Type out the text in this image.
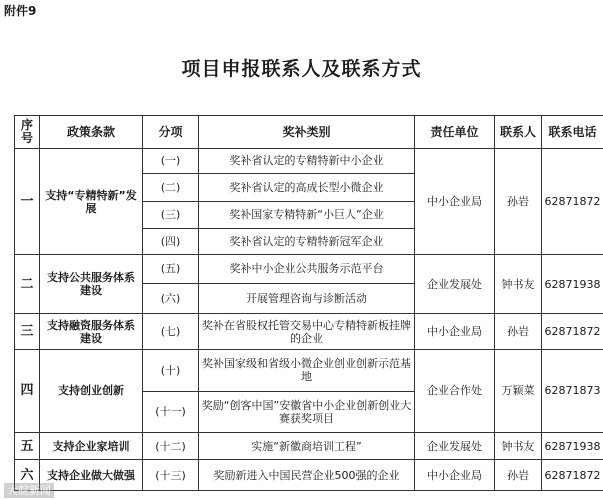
附件9
项目申报联系人及联系方式
序号	政策条款	分项	奖补类别	责任单位	联系人	联系电话
一	支持“专精特新”发展	(一)	奖补省认定的专精特新中小企业	中小企业局	孙岩	62871872
		(二)	奖补省认定的高成长型小微企业			
		(三)	奖补国家专精特新“小巨人”企业			
		(四)	奖补省认定的专精特新冠军企业			
二	支持公共服务体系建设	(五)	奖补中小企业公共服务示范平台	企业发展处	钟书友	62871938
		(六)	开展管理咨询与诊断活动			
三	支持融资服务体系建设	(七)	奖补在省股权托管交易中心专精特新板挂牌的企业	中小企业局	孙岩	62871872
四	支持创业创新	(十)	奖补国家级和省级小微企业创业创新示范基地	企业合作处	万颖菜	62871873
		(十一)	奖励“创客中国”安徽省中小企业创新创业大赛获奖项目			
五	支持企业家培训	(十二)	实施“新徽商培训工程”	企业发展处	钟书友	62871938
六	支持企业做大做强	(十三)	奖励新进入中国民营企业500强的企业	中小企业局	孙岩	62871872
大皖新闻
